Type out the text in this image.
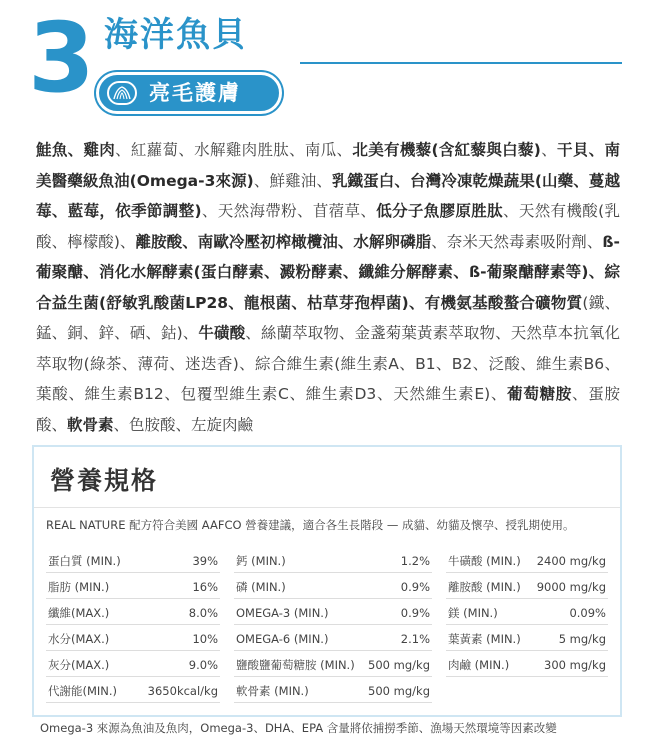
3 海洋魚貝
亮毛護膚

鮭魚、雞肉、紅蘿蔔、水解雞肉胜肽、南瓜、北美有機藜(含紅藜與白藜)、干貝、南美醫藥級魚油(Omega-3來源)、鮮雞油、乳鐵蛋白、台灣冷凍乾燥蔬果(山藥、蔓越莓、藍莓，依季節調整)、天然海帶粉、苜蓿草、低分子魚膠原胜肽、天然有機酸(乳酸、檸檬酸)、離胺酸、南歐冷壓初榨橄欖油、水解卵磷脂、奈米天然毒素吸附劑、ß-葡聚醣、消化水解酵素(蛋白酵素、澱粉酵素、纖維分解酵素、ß-葡聚醣酵素等)、綜合益生菌(舒敏乳酸菌LP28、龍根菌、枯草芽孢桿菌)、有機氨基酸螯合礦物質(鐵、錳、銅、鋅、硒、鈷)、牛磺酸、絲蘭萃取物、金盞菊葉黃素萃取物、天然草本抗氧化萃取物(綠茶、薄荷、迷迭香)、綜合維生素(維生素A、B1、B2、泛酸、維生素B6、葉酸、維生素B12、包覆型維生素C、維生素D3、天然維生素E)、葡萄糖胺、蛋胺酸、軟骨素、色胺酸、左旋肉鹼

營養規格
REAL NATURE 配方符合美國 AAFCO 營養建議，適合各生長階段 — 成貓、幼貓及懷孕、授乳期使用。
蛋白質 (MIN.)	39% 鈣 (MIN.)	1.2% 牛磺酸 (MIN.) 2400 mg/kg
脂肪 (MIN.)	16% 磷 (MIN.)	0.9% 離胺酸 (MIN.) 9000 mg/kg
纖維(MAX.)	8.0% OMEGA-3 (MIN.)	0.9% 鎂 (MIN.)	0.09%
水分(MAX.)	10% OMEGA-6 (MIN.)	2.1% 葉黃素 (MIN.)	5 mg/kg
灰分(MAX.)	9.0% 鹽酸鹽葡萄糖胺 (MIN.) 500 mg/kg 肉鹼 (MIN.)	300 mg/kg
代謝能(MIN.)	3650kcal/kg 軟骨素 (MIN.)	500 mg/kg
Omega-3 來源為魚油及魚肉，Omega-3、DHA、EPA 含量將依捕撈季節、漁場天然環境等因素改變
